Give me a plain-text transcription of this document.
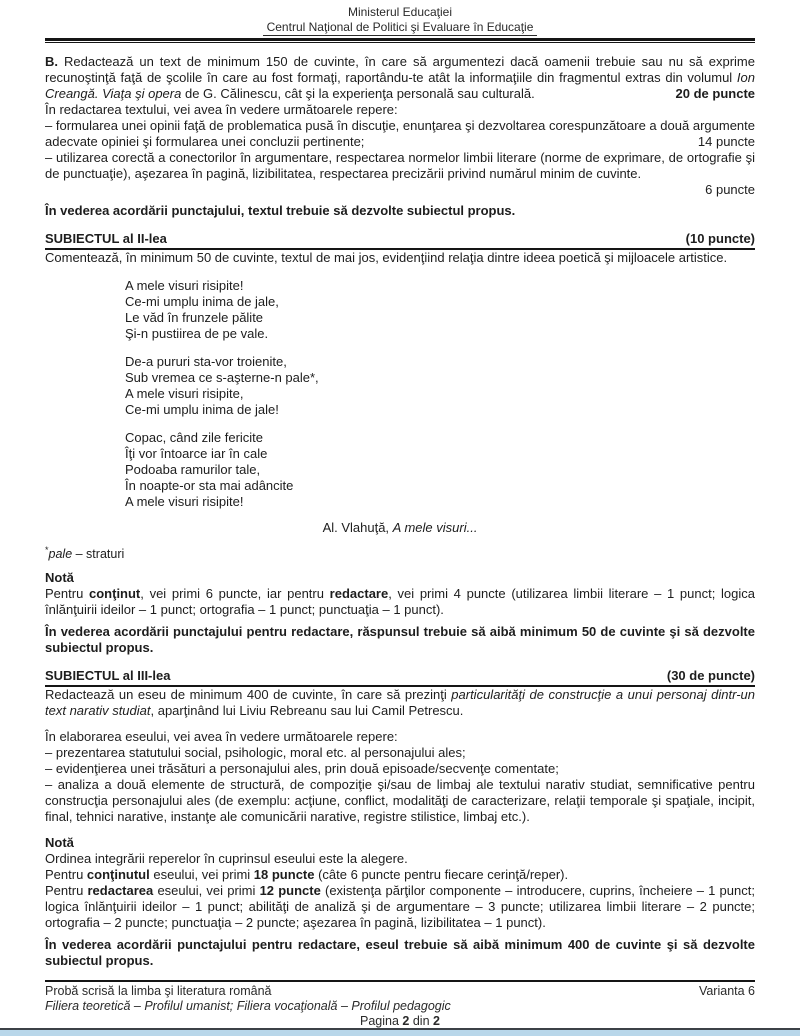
Ministerul Educaţiei
Centrul Naţional de Politici şi Evaluare în Educaţie

B. Redactează un text de minimum 150 de cuvinte, în care să argumentezi dacă oamenii trebuie sau nu să exprime recunoştinţă faţă de şcolile în care au fost formaţi, raportându-te atât la informaţiile din fragmentul extras din volumul Ion Creangă. Viaţa şi opera de G. Călinescu, cât şi la experienţa personală sau culturală.	20 de puncte

În redactarea textului, vei avea în vedere următoarele repere:

– formularea unei opinii faţă de problematica pusă în discuţie, enunţarea şi dezvoltarea corespunzătoare a două argumente adecvate opiniei şi formularea unei concluzii pertinente;	14 puncte

– utilizarea corectă a conectorilor în argumentare, respectarea normelor limbii literare (norme de exprimare, de ortografie şi de punctuaţie), aşezarea în pagină, lizibilitatea, respectarea precizării privind numărul minim de cuvinte.

6 puncte

În vederea acordării punctajului, textul trebuie să dezvolte subiectul propus.

SUBIECTUL al II-lea	(10 puncte)

Comentează, în minimum 50 de cuvinte, textul de mai jos, evidenţiind relaţia dintre ideea poetică şi mijloacele artistice.

A mele visuri risipite!
Ce-mi umplu inima de jale,
Le văd în frunzele pălite
Şi-n pustiirea de pe vale.
De-a pururi sta-vor troienite,
Sub vremea ce s-aşterne-n pale*,
A mele visuri risipite,
Ce-mi umplu inima de jale!
Copac, când zile fericite
Îţi vor întoarce iar în cale
Podoaba ramurilor tale,
În noapte-or sta mai adâncite
A mele visuri risipite!
Al. Vlahuţă, A mele visuri...
*pale – straturi

Notă

Pentru conţinut, vei primi 6 puncte, iar pentru redactare, vei primi 4 puncte (utilizarea limbii literare – 1 punct; logica înlănţuirii ideilor – 1 punct; ortografia – 1 punct; punctuaţia – 1 punct).

În vederea acordării punctajului pentru redactare, răspunsul trebuie să aibă minimum 50 de cuvinte şi să dezvolte subiectul propus.

SUBIECTUL al III-lea	(30 de puncte)

Redactează un eseu de minimum 400 de cuvinte, în care să prezinţi particularităţi de construcţie a unui personaj dintr-un text narativ studiat, aparţinând lui Liviu Rebreanu sau lui Camil Petrescu.

În elaborarea eseului, vei avea în vedere următoarele repere:

– prezentarea statutului social, psihologic, moral etc. al personajului ales;

– evidenţierea unei trăsături a personajului ales, prin două episoade/secvenţe comentate;

– analiza a două elemente de structură, de compoziţie şi/sau de limbaj ale textului narativ studiat, semnificative pentru construcţia personajului ales (de exemplu: acţiune, conflict, modalităţi de caracterizare, relaţii temporale şi spaţiale, incipit, final, tehnici narative, instanţe ale comunicării narative, registre stilistice, limbaj etc.).

Notă

Ordinea integrării reperelor în cuprinsul eseului este la alegere.

Pentru conţinutul eseului, vei primi 18 puncte (câte 6 puncte pentru fiecare cerinţă/reper).

Pentru redactarea eseului, vei primi 12 puncte (existenţa părţilor componente – introducere, cuprins, încheiere – 1 punct; logica înlănţuirii ideilor – 1 punct; abilităţi de analiză şi de argumentare – 3 puncte; utilizarea limbii literare – 2 puncte; ortografia – 2 puncte; punctuaţia – 2 puncte; aşezarea în pagină, lizibilitatea – 1 punct).

În vederea acordării punctajului pentru redactare, eseul trebuie să aibă minimum 400 de cuvinte şi să dezvolte subiectul propus.

Probă scrisă la limba şi literatura română	Varianta 6
Filiera teoretică – Profilul umanist; Filiera vocaţională – Profilul pedagogic
Pagina 2 din 2
